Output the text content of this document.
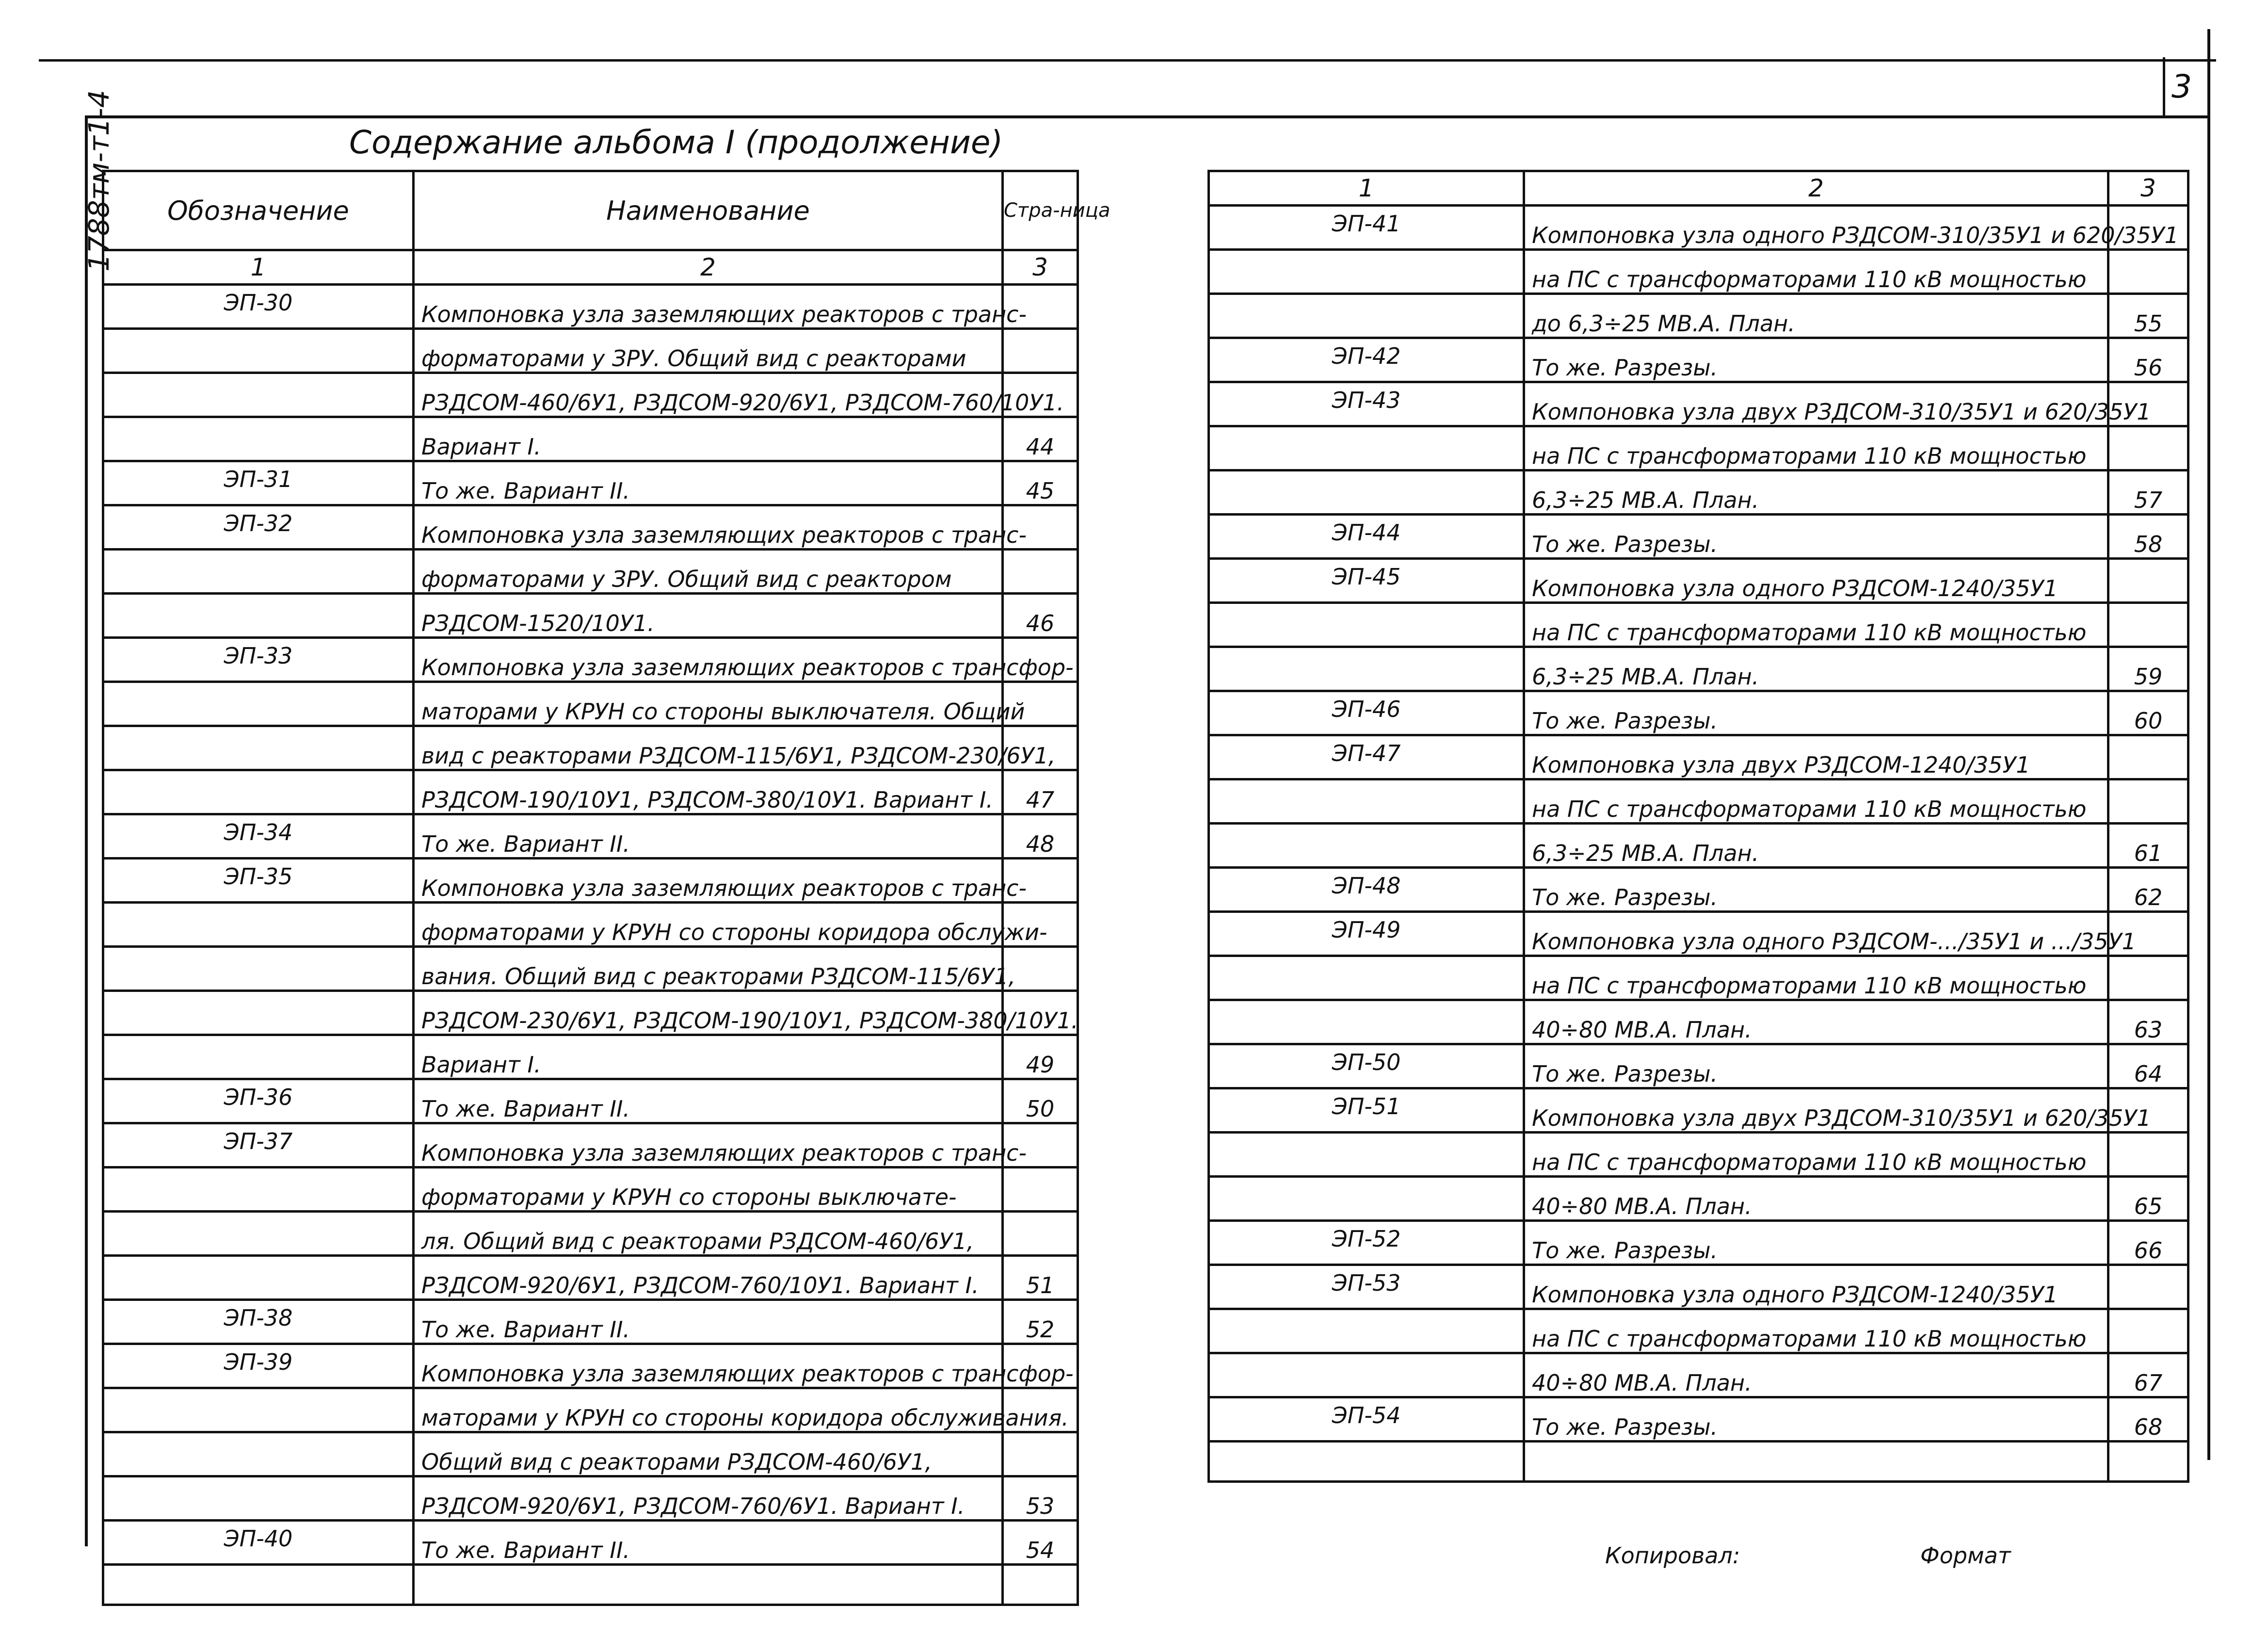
3
1788тм-т1-4	Содержание альбома I (продолжение)
Обозначение	Наименование	Стра-ница
1	2	3
ЭП-30	Компоновка узла заземляющих реакторов с транс-	
	форматорами у ЗРУ. Общий вид с реакторами	
	РЗДСОМ-460/6У1, РЗДСОМ-920/6У1, РЗДСОМ-760/10У1.	
	Вариант I.	44
ЭП-31	То же. Вариант II.	45
ЭП-32	Компоновка узла заземляющих реакторов с транс-	
	форматорами у ЗРУ. Общий вид с реактором	
	РЗДСОМ-1520/10У1.	46
ЭП-33	Компоновка узла заземляющих реакторов с трансфор-	
	маторами у КРУН со стороны выключателя. Общий	
	вид с реакторами РЗДСОМ-115/6У1, РЗДСОМ-230/6У1,	
	РЗДСОМ-190/10У1, РЗДСОМ-380/10У1. Вариант I.	47
ЭП-34	То же. Вариант II.	48
ЭП-35	Компоновка узла заземляющих реакторов с транс-	
	форматорами у КРУН со стороны коридора обслужи-	
	вания. Общий вид с реакторами РЗДСОМ-115/6У1,	
	РЗДСОМ-230/6У1, РЗДСОМ-190/10У1, РЗДСОМ-380/10У1.	
	Вариант I.	49
ЭП-36	То же. Вариант II.	50
ЭП-37	Компоновка узла заземляющих реакторов с транс-	
	форматорами у КРУН со стороны выключате-	
	ля. Общий вид с реакторами РЗДСОМ-460/6У1,	
	РЗДСОМ-920/6У1, РЗДСОМ-760/10У1. Вариант I.	51
ЭП-38	То же. Вариант II.	52
ЭП-39	Компоновка узла заземляющих реакторов с трансфор-	
	маторами у КРУН со стороны коридора обслуживания.	
	Общий вид с реакторами РЗДСОМ-460/6У1,	
	РЗДСОМ-920/6У1, РЗДСОМ-760/6У1. Вариант I.	53
ЭП-40	То же. Вариант II.	54

1	2	3
ЭП-41	Компоновка узла одного РЗДСОМ-310/35У1 и 620/35У1	
	на ПС с трансформаторами 110 кВ мощностью	
	до 6,3÷25 МВ.А. План.	55
ЭП-42	То же. Разрезы.	56
ЭП-43	Компоновка узла двух РЗДСОМ-310/35У1 и 620/35У1	
	на ПС с трансформаторами 110 кВ мощностью	
	6,3÷25 МВ.А. План.	57
ЭП-44	То же. Разрезы.	58
ЭП-45	Компоновка узла одного РЗДСОМ-1240/35У1	
	на ПС с трансформаторами 110 кВ мощностью	
	6,3÷25 МВ.А. План.	59
ЭП-46	То же. Разрезы.	60
ЭП-47	Компоновка узла двух РЗДСОМ-1240/35У1	
	на ПС с трансформаторами 110 кВ мощностью	
	6,3÷25 МВ.А. План.	61
ЭП-48	То же. Разрезы.	62
ЭП-49	Компоновка узла одного РЗДСОМ-.../35У1 и .../35У1	
	на ПС с трансформаторами 110 кВ мощностью	
	40÷80 МВ.А. План.	63
ЭП-50	То же. Разрезы.	64
ЭП-51	Компоновка узла двух РЗДСОМ-310/35У1 и 620/35У1	
	на ПС с трансформаторами 110 кВ мощностью	
	40÷80 МВ.А. План.	65
ЭП-52	То же. Разрезы.	66
ЭП-53	Компоновка узла одного РЗДСОМ-1240/35У1	
	на ПС с трансформаторами 110 кВ мощностью	
	40÷80 МВ.А. План.	67
ЭП-54	То же. Разрезы.	68

Копировал:	Формат
